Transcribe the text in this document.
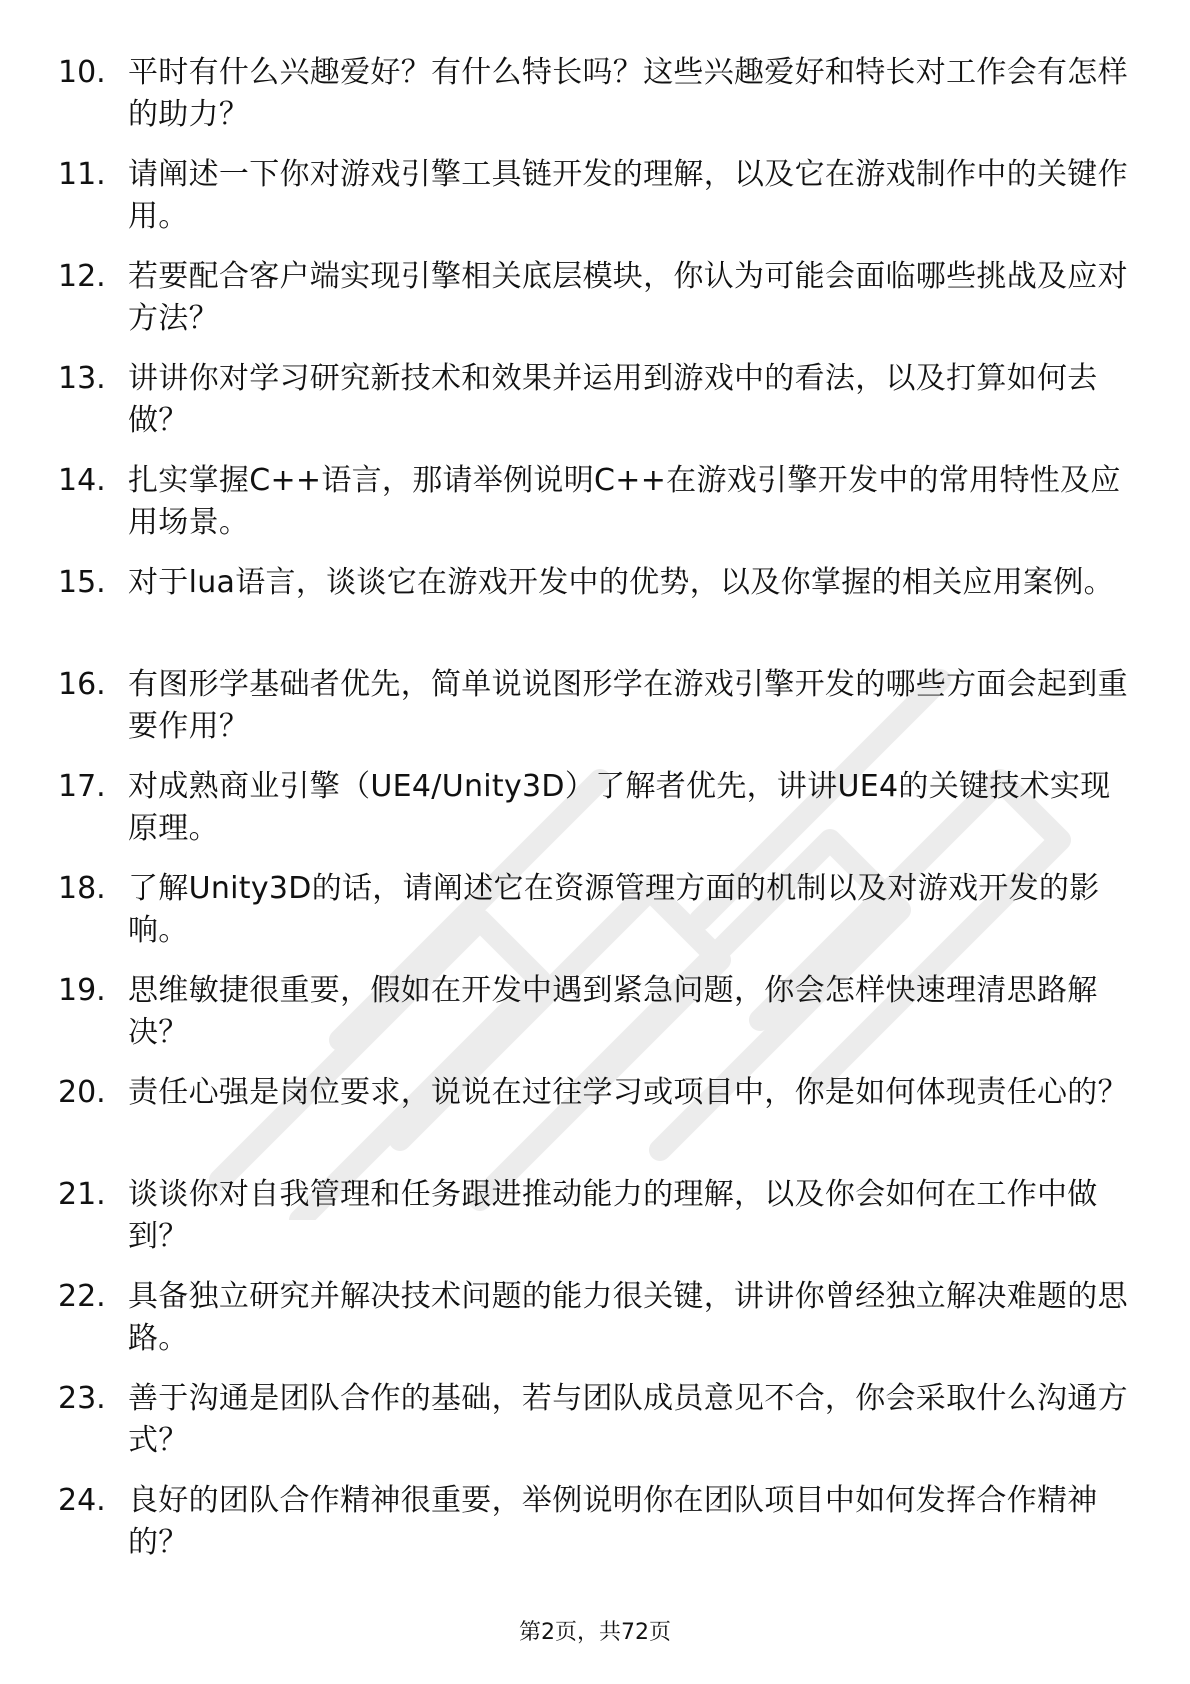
10. 平时有什么兴趣爱好？有什么特长吗？这些兴趣爱好和特长对工作会有怎样的助力？
11. 请阐述一下你对游戏引擎工具链开发的理解，以及它在游戏制作中的关键作用。
12. 若要配合客户端实现引擎相关底层模块，你认为可能会面临哪些挑战及应对方法？
13. 讲讲你对学习研究新技术和效果并运用到游戏中的看法，以及打算如何去做？
14. 扎实掌握C++语言，那请举例说明C++在游戏引擎开发中的常用特性及应用场景。
15. 对于lua语言，谈谈它在游戏开发中的优势，以及你掌握的相关应用案例。
16. 有图形学基础者优先，简单说说图形学在游戏引擎开发的哪些方面会起到重要作用？
17. 对成熟商业引擎（UE4/Unity3D）了解者优先，讲讲UE4的关键技术实现原理。
18. 了解Unity3D的话，请阐述它在资源管理方面的机制以及对游戏开发的影响。
19. 思维敏捷很重要，假如在开发中遇到紧急问题，你会怎样快速理清思路解决？
20. 责任心强是岗位要求，说说在过往学习或项目中，你是如何体现责任心的？
21. 谈谈你对自我管理和任务跟进推动能力的理解，以及你会如何在工作中做到？
22. 具备独立研究并解决技术问题的能力很关键，讲讲你曾经独立解决难题的思路。
23. 善于沟通是团队合作的基础，若与团队成员意见不合，你会采取什么沟通方式？
24. 良好的团队合作精神很重要，举例说明你在团队项目中如何发挥合作精神的？
第2页，共72页
